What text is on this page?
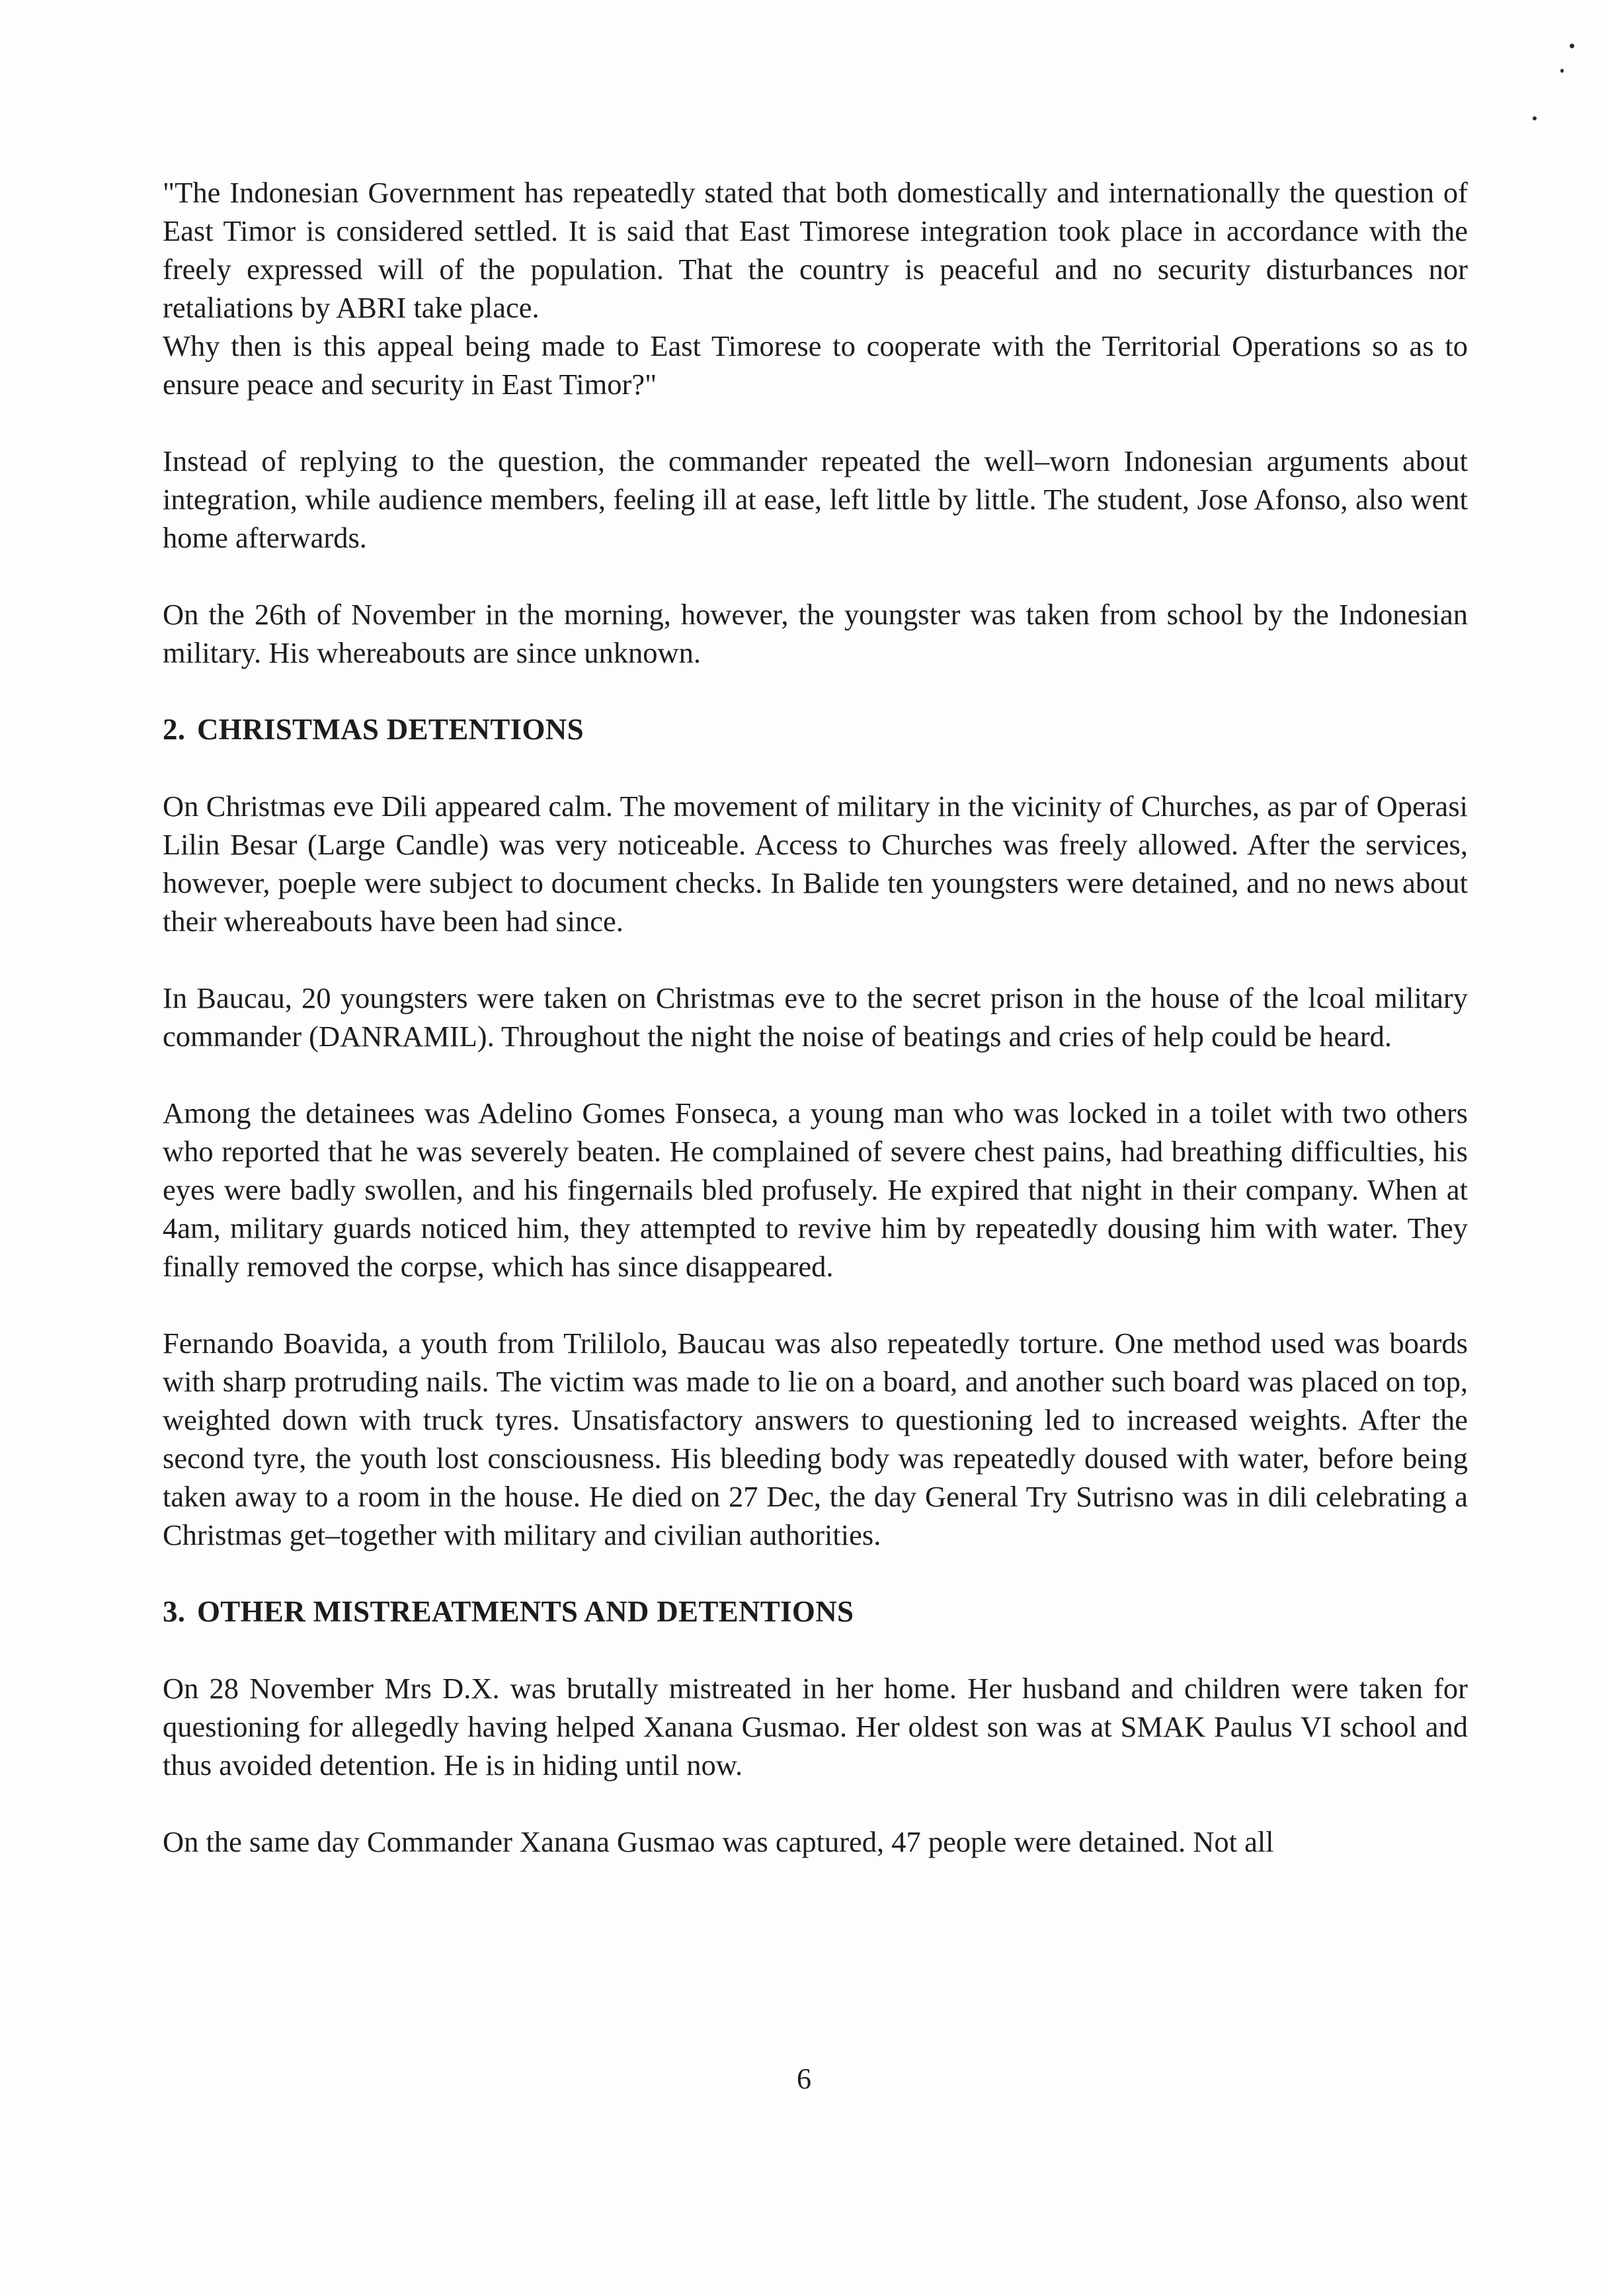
"The Indonesian Government has repeatedly stated that both domestically and internationally the question of East Timor is considered settled. It is said that East Timorese integration took place in accordance with the freely expressed will of the population. That the country is peaceful and no security disturbances nor retaliations by ABRI take place.

Why then is this appeal being made to East Timorese to cooperate with the Territorial Operations so as to ensure peace and security in East Timor?"

Instead of replying to the question, the commander repeated the well–worn Indonesian arguments about integration, while audience members, feeling ill at ease, left little by little. The student, Jose Afonso, also went home afterwards.

On the 26th of November in the morning, however, the youngster was taken from school by the Indonesian military. His whereabouts are since unknown.

2. CHRISTMAS DETENTIONS

On Christmas eve Dili appeared calm. The movement of military in the vicinity of Churches, as par of Operasi Lilin Besar (Large Candle) was very noticeable. Access to Churches was freely allowed. After the services, however, poeple were subject to document checks. In Balide ten youngsters were detained, and no news about their whereabouts have been had since.

In Baucau, 20 youngsters were taken on Christmas eve to the secret prison in the house of the lcoal military commander (DANRAMIL). Throughout the night the noise of beatings and cries of help could be heard.

Among the detainees was Adelino Gomes Fonseca, a young man who was locked in a toilet with two others who reported that he was severely beaten. He complained of severe chest pains, had breathing difficulties, his eyes were badly swollen, and his fingernails bled profusely. He expired that night in their company. When at 4am, military guards noticed him, they attempted to revive him by repeatedly dousing him with water. They finally removed the corpse, which has since disappeared.

Fernando Boavida, a youth from Trililolo, Baucau was also repeatedly torture. One method used was boards with sharp protruding nails. The victim was made to lie on a board, and another such board was placed on top, weighted down with truck tyres. Unsatisfactory answers to questioning led to increased weights. After the second tyre, the youth lost consciousness. His bleeding body was repeatedly doused with water, before being taken away to a room in the house. He died on 27 Dec, the day General Try Sutrisno was in dili celebrating a Christmas get–together with military and civilian authorities.

3. OTHER MISTREATMENTS AND DETENTIONS

On 28 November Mrs D.X. was brutally mistreated in her home. Her husband and children were taken for questioning for allegedly having helped Xanana Gusmao. Her oldest son was at SMAK Paulus VI school and thus avoided detention. He is in hiding until now.

On the same day Commander Xanana Gusmao was captured, 47 people were detained. Not all

6
